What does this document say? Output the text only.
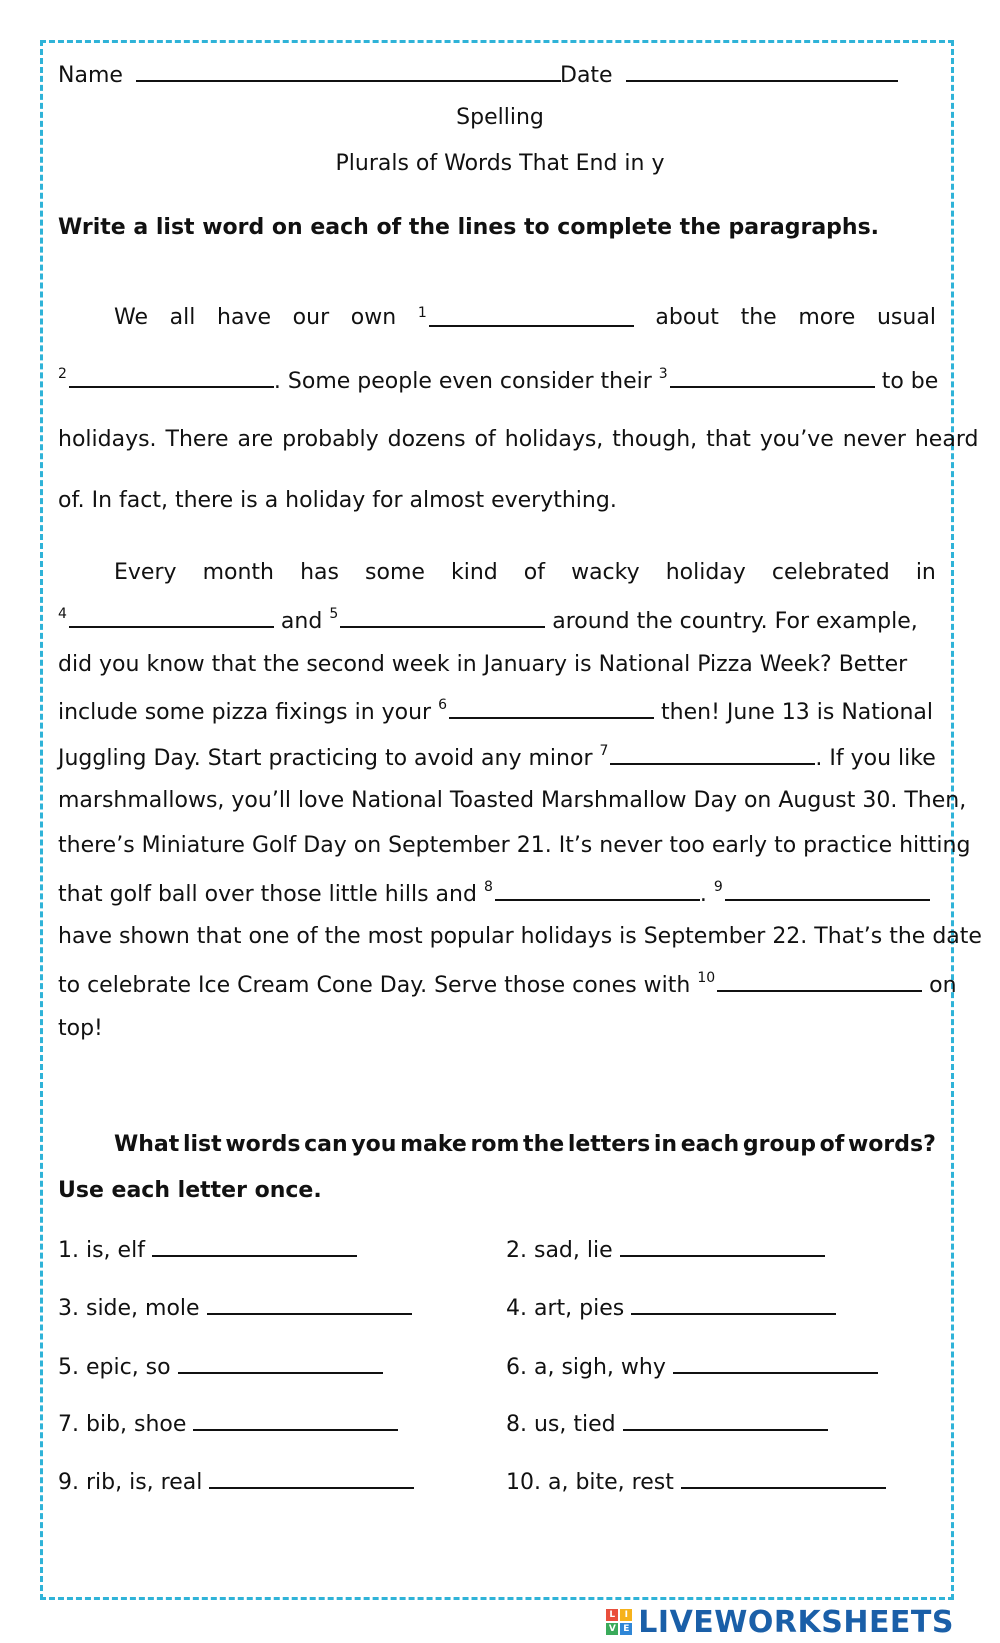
Name	Date
Spelling
Plurals of Words That End in y
Write a list word on each of the lines to complete the paragraphs.
We all have our own $^1$	about the more usual
$^2$	. Some people even consider their $^3$	to be
holidays. There are probably dozens of holidays, though, that you’ve never heard
of. In fact, there is a holiday for almost everything.
Every month has some kind of wacky holiday celebrated in
$^4$	and $^5$	around the country. For example,
did you know that the second week in January is National Pizza Week? Better
include some pizza fixings in your $^6$	then! June 13 is National
Juggling Day. Start practicing to avoid any minor $^7$	. If you like
marshmallows, you’ll love National Toasted Marshmallow Day on August 30. Then,
there’s Miniature Golf Day on September 21. It’s never too early to practice hitting
that golf ball over those little hills and $^8$	. $^9$
have shown that one of the most popular holidays is September 22. That’s the date
to celebrate Ice Cream Cone Day. Serve those cones with $^{10}$	on
top!
What list words can you make rom the letters in each group of words?
Use each letter once.
1. is, elf	2. sad, lie
3. side, mole	4. art, pies
5. epic, so	6. a, sigh, why
7. bib, shoe	8. us, tied
9. rib, is, real	10. a, bite, rest
L	I
V E LIVEWORKSHEETS
